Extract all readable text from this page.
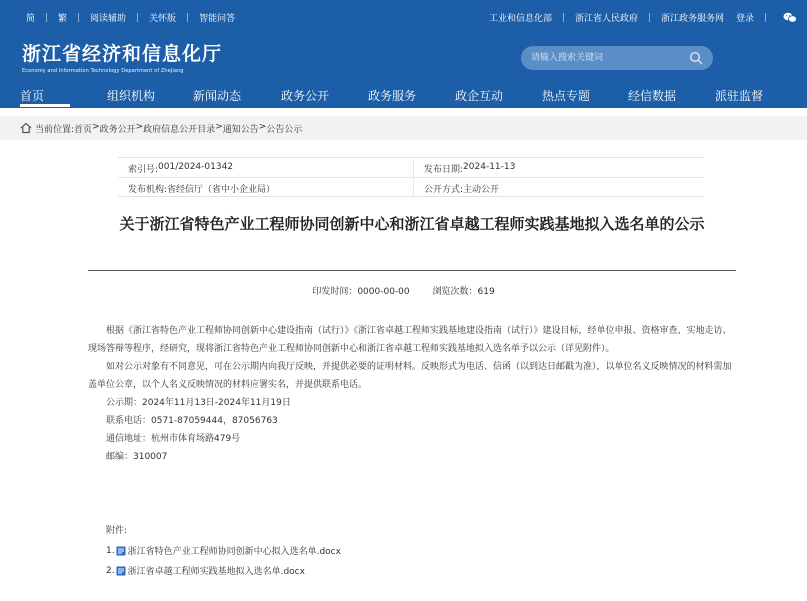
简	繁	阅读辅助	关怀版	智能问答	工业和信息化部	浙江省人民政府	浙江政务服务网 登录
浙江省经济和信息化厅
Economy and Information Technology Department of Zhejiang
请输入搜索关键词
首页	组织机构	新闻动态	政务公开	政务服务	政企互动	热点专题	经信数据	派驻监督
当前位置: 首页 > 政务公开 > 政府信息公开目录 > 通知公告 > 公告公示
索引号: 001/2024-01342	发布日期: 2024-11-13
发布机构: 省经信厅（省中小企业局）	公开方式: 主动公开
关于浙江省特色产业工程师协同创新中心和浙江省卓越工程师实践基地拟入选名单的公示
印发时间：0000-00-00	浏览次数：619

根据《浙江省特色产业工程师协同创新中心建设指南（试行）》《浙江省卓越工程师实践基地建设指南（试行）》建设目标，经单位申报、资格审查、实地走访、现场答辩等程序，经研究，现将浙江省特色产业工程师协同创新中心和浙江省卓越工程师实践基地拟入选名单予以公示（详见附件）。

如对公示对象有不同意见，可在公示期内向我厅反映，并提供必要的证明材料。反映形式为电话、信函（以到达日邮戳为准），以单位名义反映情况的材料需加盖单位公章，以个人名义反映情况的材料应署实名，并提供联系电话。

公示期：2024年11月13日-2024年11月19日

联系电话：0571-87059444，87056763

通信地址：杭州市体育场路479号

邮编：310007

附件:
1. 浙江省特色产业工程师协同创新中心拟入选名单.docx
2. 浙江省卓越工程师实践基地拟入选名单.docx
